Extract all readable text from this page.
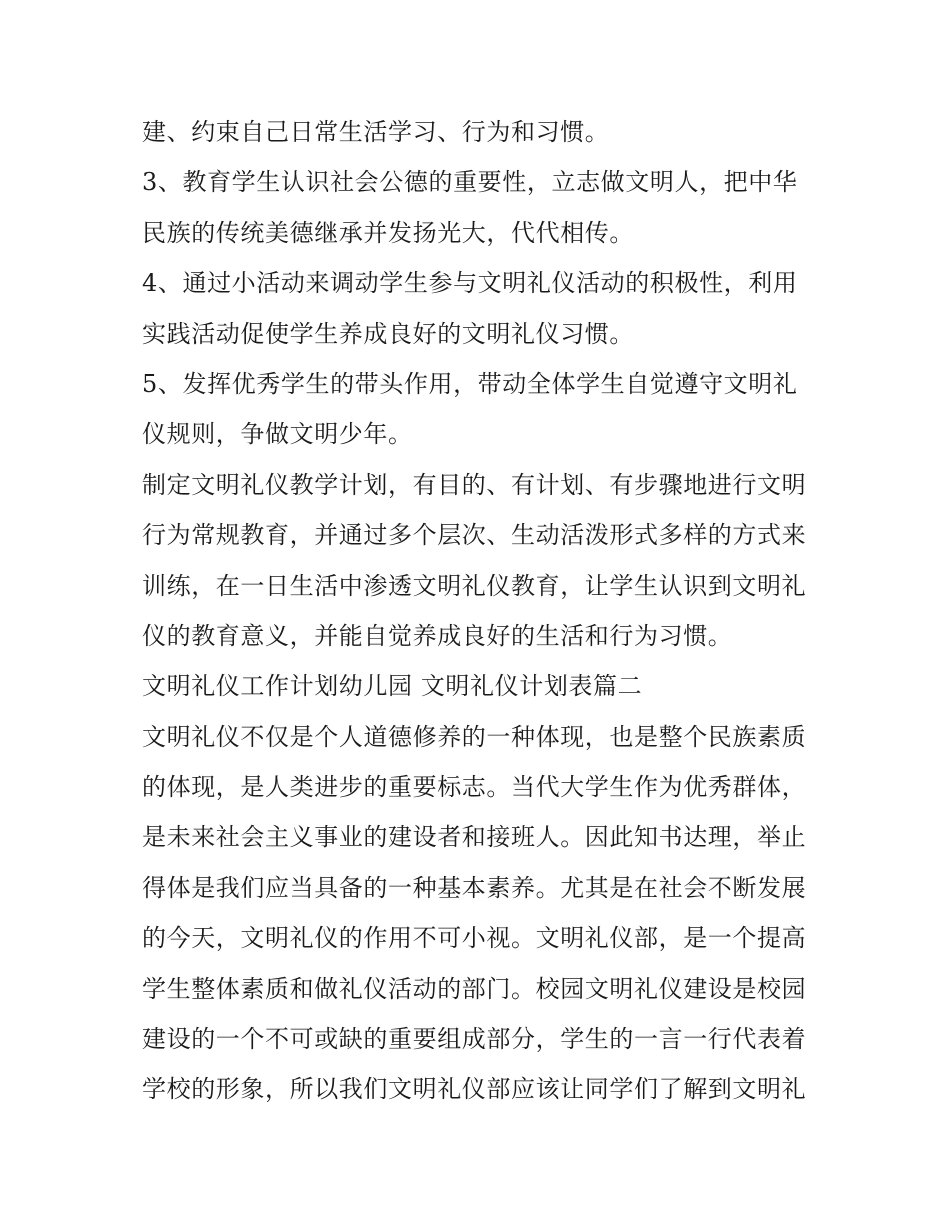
建、约束自己日常生活学习、行为和习惯。
3、教育学生认识社会公德的重要性，立志做文明人，把中华
民族的传统美德继承并发扬光大，代代相传。
4、通过小活动来调动学生参与文明礼仪活动的积极性，利用
实践活动促使学生养成良好的文明礼仪习惯。
5、发挥优秀学生的带头作用，带动全体学生自觉遵守文明礼
仪规则，争做文明少年。
制定文明礼仪教学计划，有目的、有计划、有步骤地进行文明
行为常规教育，并通过多个层次、生动活泼形式多样的方式来
训练，在一日生活中渗透文明礼仪教育，让学生认识到文明礼
仪的教育意义，并能自觉养成良好的生活和行为习惯。
文明礼仪工作计划幼儿园 文明礼仪计划表篇二
文明礼仪不仅是个人道德修养的一种体现，也是整个民族素质
的体现，是人类进步的重要标志。当代大学生作为优秀群体，
是未来社会主义事业的建设者和接班人。因此知书达理，举止
得体是我们应当具备的一种基本素养。尤其是在社会不断发展
的今天，文明礼仪的作用不可小视。文明礼仪部，是一个提高
学生整体素质和做礼仪活动的部门。校园文明礼仪建设是校园
建设的一个不可或缺的重要组成部分，学生的一言一行代表着
学校的形象，所以我们文明礼仪部应该让同学们了解到文明礼
